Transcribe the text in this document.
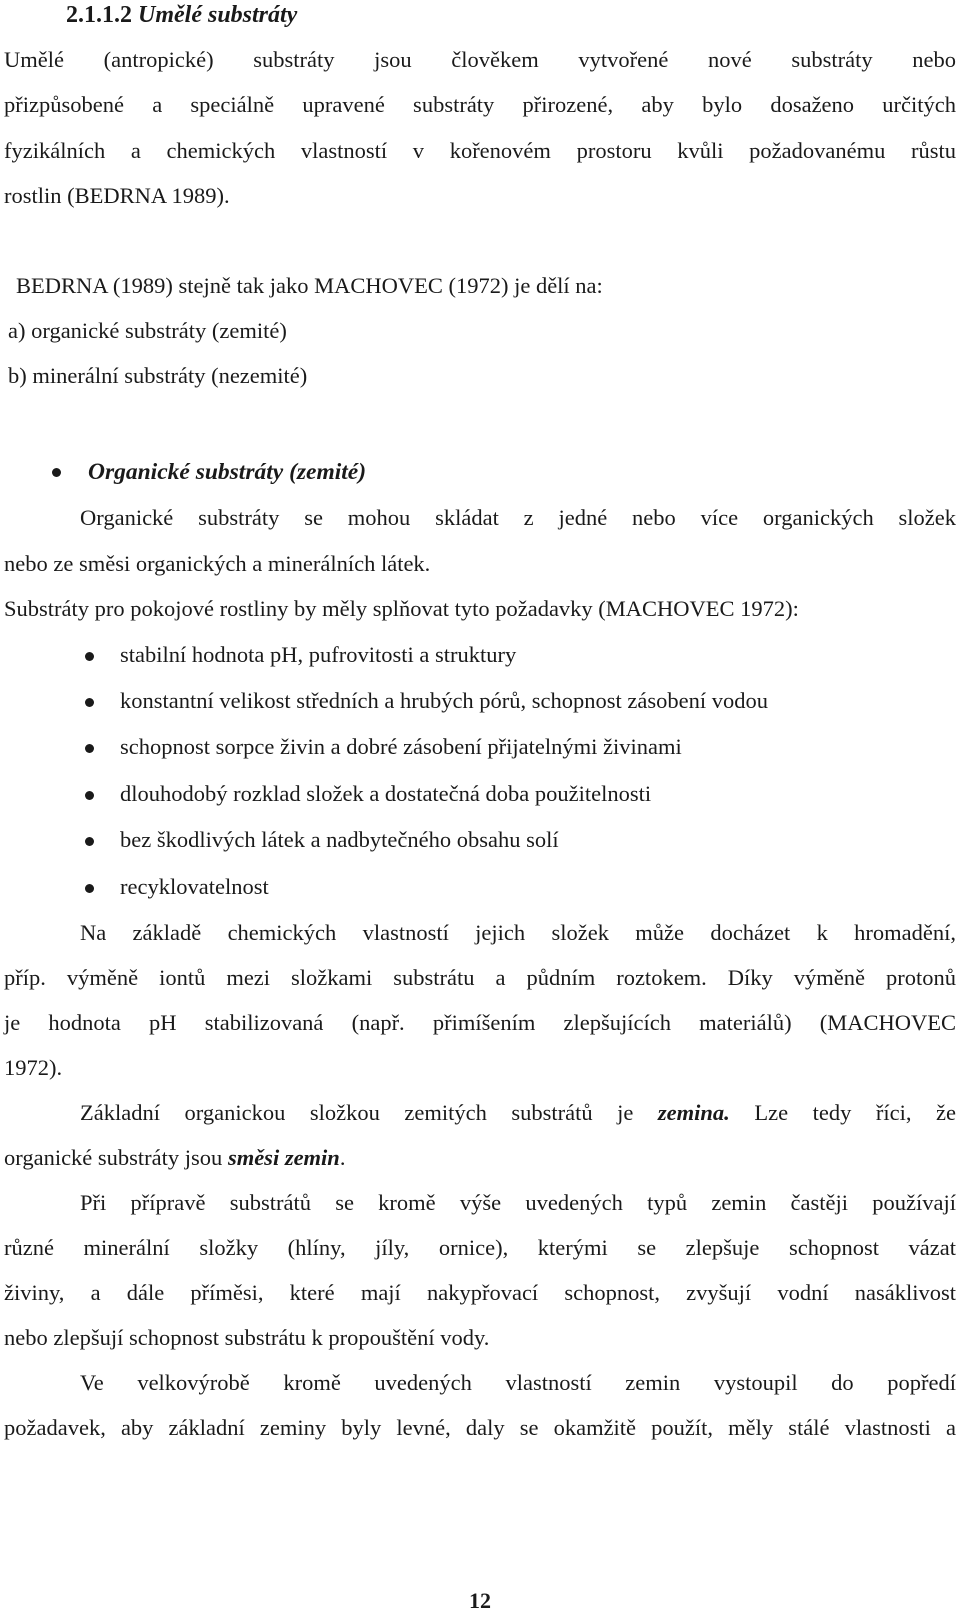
2.1.1.2 Umělé substráty
Umělé (antropické) substráty jsou člověkem vytvořené nové substráty nebo
přizpůsobené a speciálně upravené substráty přirozené, aby bylo dosaženo určitých
fyzikálních a chemických vlastností v kořenovém prostoru kvůli požadovanému růstu
rostlin (BEDRNA 1989).
BEDRNA (1989) stejně tak jako MACHOVEC (1972) je dělí na:
a) organické substráty (zemité)
b) minerální substráty (nezemité)
Organické substráty (zemité)
Organické substráty se mohou skládat z jedné nebo více organických složek
nebo ze směsi organických a minerálních látek.
Substráty pro pokojové rostliny by měly splňovat tyto požadavky (MACHOVEC 1972):
stabilní hodnota pH, pufrovitosti a struktury
konstantní velikost středních a hrubých pórů, schopnost zásobení vodou
schopnost sorpce živin a dobré zásobení přijatelnými živinami
dlouhodobý rozklad složek a dostatečná doba použitelnosti
bez škodlivých látek a nadbytečného obsahu solí
recyklovatelnost
Na základě chemických vlastností jejich složek může docházet k hromadění,
příp. výměně iontů mezi složkami substrátu a půdním roztokem. Díky výměně protonů
je hodnota pH stabilizovaná (např. přimíšením zlepšujících materiálů) (MACHOVEC
1972).
Základní organickou složkou zemitých substrátů je zemina. Lze tedy říci, že
organické substráty jsou směsi zemin.
Při přípravě substrátů se kromě výše uvedených typů zemin častěji používají
různé minerální složky (hlíny, jíly, ornice), kterými se zlepšuje schopnost vázat
živiny, a dále příměsi, které mají nakypřovací schopnost, zvyšují vodní nasáklivost
nebo zlepšují schopnost substrátu k propouštění vody.
Ve velkovýrobě kromě uvedených vlastností zemin vystoupil do popředí
požadavek, aby základní zeminy byly levné, daly se okamžitě použít, měly stálé vlastnosti a
12
